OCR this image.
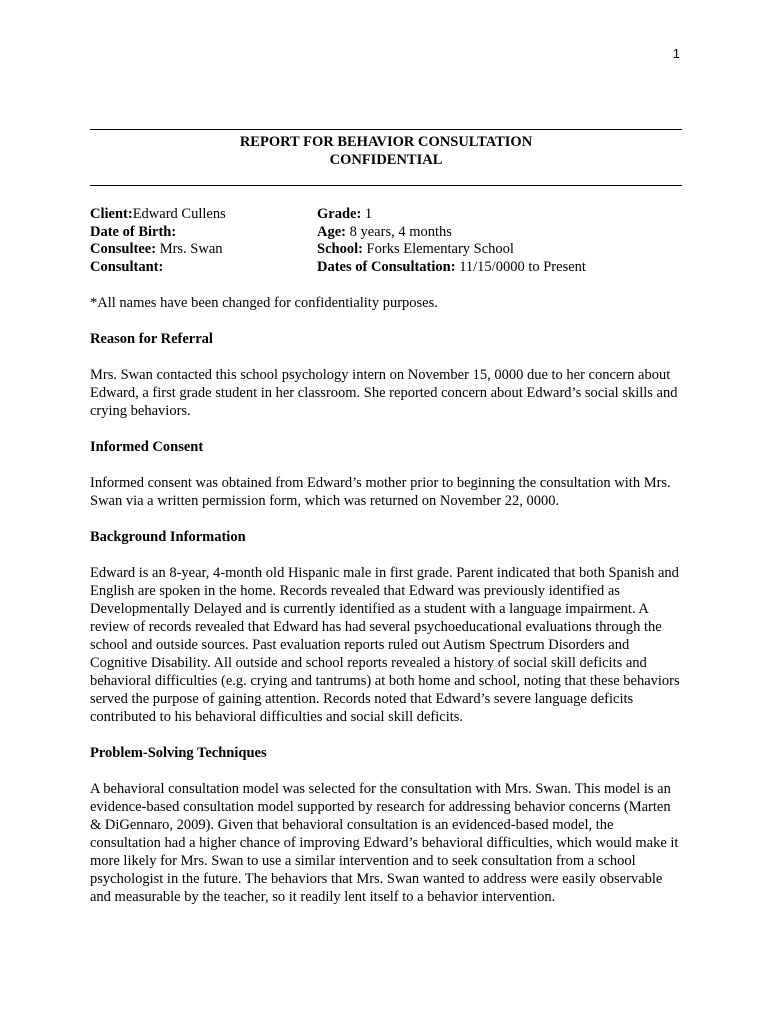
1
REPORT FOR BEHAVIOR CONSULTATION
CONFIDENTIAL
Client:Edward Cullens
Date of Birth:
Consultee: Mrs. Swan
Consultant:
Grade: 1
Age: 8 years, 4 months
School: Forks Elementary School
Dates of Consultation: 11/15/0000 to Present

*All names have been changed for confidentiality purposes.

Reason for Referral

Mrs. Swan contacted this school psychology intern on November 15, 0000 due to her concern about Edward, a first grade student in her classroom. She reported concern about Edward’s social skills and crying behaviors.

Informed Consent

Informed consent was obtained from Edward’s mother prior to beginning the consultation with Mrs. Swan via a written permission form, which was returned on November 22, 0000.

Background Information

Edward is an 8-year, 4-month old Hispanic male in first grade. Parent indicated that both Spanish and English are spoken in the home. Records revealed that Edward was previously identified as Developmentally Delayed and is currently identified as a student with a language impairment. A review of records revealed that Edward has had several psychoeducational evaluations through the school and outside sources. Past evaluation reports ruled out Autism Spectrum Disorders and Cognitive Disability. All outside and school reports revealed a history of social skill deficits and behavioral difficulties (e.g. crying and tantrums) at both home and school, noting that these behaviors served the purpose of gaining attention. Records noted that Edward’s severe language deficits contributed to his behavioral difficulties and social skill deficits.

Problem-Solving Techniques

A behavioral consultation model was selected for the consultation with Mrs. Swan. This model is an evidence-based consultation model supported by research for addressing behavior concerns (Marten & DiGennaro, 2009). Given that behavioral consultation is an evidenced-based model, the consultation had a higher chance of improving Edward’s behavioral difficulties, which would make it more likely for Mrs. Swan to use a similar intervention and to seek consultation from a school psychologist in the future. The behaviors that Mrs. Swan wanted to address were easily observable and measurable by the teacher, so it readily lent itself to a behavior intervention.
